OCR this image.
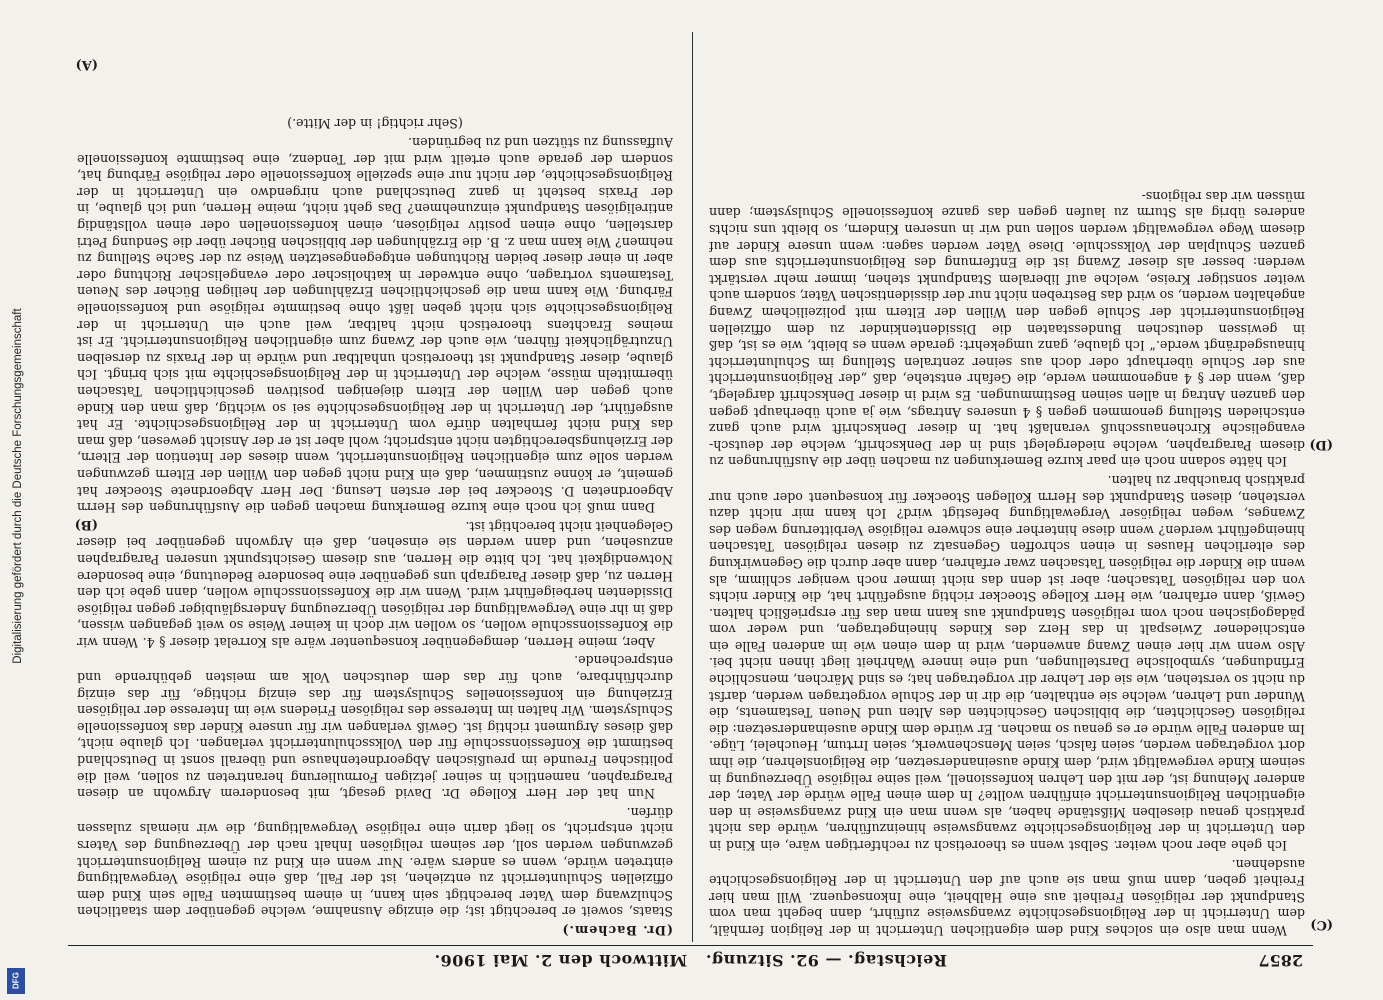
2857
Reichstag. — 92. Sitzung.   Mittwoch den 2. Mai 1906.
(C)
(D)
(A)
(B)

Wenn man also ein solches Kind dem eigentlichen Unterricht in der Religion fernhält, dem Unterricht in der Religionsgeschichte zwangsweise zuführt, dann begeht man vom Standpunkt der religiösen Freiheit aus eine Halbheit, eine Inkonsequenz. Will man hier Freiheit geben, dann muß man sie auch auf den Unterricht in der Religionsgeschichte ausdehnen.

Ich gehe aber noch weiter. Selbst wenn es theoretisch zu rechtfertigen wäre, ein Kind in den Unterricht in der Religionsgeschichte zwangsweise hineinzuführen, würde das nicht praktisch genau dieselben Mißstände haben, als wenn man ein Kind zwangsweise in den eigentlichen Religionsunterricht einführen wollte? In dem einen Falle würde der Vater, der anderer Meinung ist, der mit den Lehren konfessionell, weil seine religiöse Überzeugung in seinem Kinde vergewaltigt wird, dem Kinde auseinandersetzen, die Religionslehren, die ihm dort vorgetragen werden, seien falsch, seien Menschenwerk, seien Irrtum, Heuchelei, Lüge. Im anderen Falle würde er es genau so machen. Er würde dem Kinde auseinandersetzen: die religiösen Geschichten, die biblischen Geschichten des Alten und Neuen Testaments, die Wunder und Lehren, welche sie enthalten, die dir in der Schule vorgetragen werden, darfst du nicht so verstehen, wie sie der Lehrer dir vorgetragen hat; es sind Märchen, menschliche Erfindungen, symbolische Darstellungen, und eine innere Wahrheit liegt ihnen nicht bei. Also wenn wir hier einen Zwang anwenden, wird in dem einen wie im anderen Falle ein entschiedener Zwiespalt in das Herz des Kindes hineingetragen, und weder vom pädagogischen noch vom religiösen Standpunkt aus kann man das für ersprießlich halten. Gewiß, dann erfahren, wie Herr Kollege Stoecker richtig ausgeführt hat, die Kinder nichts von den religiösen Tatsachen; aber ist denn das nicht immer noch weniger schlimm, als wenn die Kinder die religiösen Tatsachen zwar erfahren, dann aber durch die Gegenwirkung des elterlichen Hauses in einen schroffen Gegensatz zu diesen religiösen Tatsachen hineingeführt werden? wenn diese hinterher eine schwere religiöse Verbitterung wegen des Zwanges, wegen religiöser Vergewaltigung befestigt wird? Ich kann mir nicht dazu verstehen, diesen Standpunkt des Herrn Kollegen Stoecker für konsequent oder auch nur praktisch brauchbar zu halten.

Ich hätte sodann noch ein paar kurze Bemerkungen zu machen über die Ausführungen zu diesem Paragraphen, welche niedergelegt sind in der Denkschrift, welche der deutsch-evangelische Kirchenausschuß veranlaßt hat. In dieser Denkschrift wird auch ganz entschieden Stellung genommen gegen § 4 unseres Antrags, wie ja auch überhaupt gegen den ganzen Antrag in allen seinen Bestimmungen. Es wird in dieser Denkschrift dargelegt, daß, wenn der § 4 angenommen werde, die Gefahr entstehe, daß „der Religionsunterricht aus der Schule überhaupt oder doch aus seiner zentralen Stellung im Schulunterricht hinausgedrängt werde.“ Ich glaube, ganz umgekehrt: gerade wenn es bleibt, wie es ist, daß in gewissen deutschen Bundesstaaten die Dissidentenkinder zu dem offiziellen Religionsunterricht der Schule gegen den Willen der Eltern mit polizeilichem Zwang angehalten werden, so wird das Bestreben nicht nur der dissidentischen Väter, sondern auch weiter sonstiger Kreise, welche auf liberalem Standpunkt stehen, immer mehr verstärkt werden: besser als dieser Zwang ist die Entfernung des Religionsunterrichts aus dem ganzen Schulplan der Volksschule. Diese Väter werden sagen: wenn unsere Kinder auf diesem Wege vergewaltigt werden sollen und wir in unseren Kindern, so bleibt uns nichts anderes übrig als Sturm zu laufen gegen das ganze konfessionelle Schulsystem; dann müssen wir das religions-

(Dr. Bachem.)

Staats, soweit er berechtigt ist; die einzige Ausnahme, welche gegenüber dem staatlichen Schulzwang dem Vater berechtigt sein kann, in einem bestimmten Falle sein Kind dem offiziellen Schulunterricht zu entziehen, ist der Fall, daß eine religiöse Vergewaltigung eintreten würde, wenn es anders wäre. Nur wenn ein Kind zu einem Religionsunterricht gezwungen werden soll, der seinem religiösen Inhalt nach der Überzeugung des Vaters nicht entspricht, so liegt darin eine religiöse Vergewaltigung, die wir niemals zulassen dürfen.

Nun hat der Herr Kollege Dr. David gesagt, mit besonderem Argwohn an diesen Paragraphen, namentlich in seiner jetzigen Formulierung herantreten zu sollen, weil die politischen Freunde im preußischen Abgeordnetenhause und überall sonst in Deutschland bestimmt die Konfessionsschule für den Volksschulunterricht verlangen. Ich glaube nicht, daß dieses Argument richtig ist. Gewiß verlangen wir für unsere Kinder das konfessionelle Schulsystem. Wir halten im Interesse des religiösen Friedens wie im Interesse der religiösen Erziehung ein konfessionelles Schulsystem für das einzig richtige, für das einzig durchführbare, auch für das dem deutschen Volk am meisten gebührende und entsprechende.

Aber, meine Herren, demgegenüber konsequenter wäre als Korrelat dieser § 4. Wenn wir die Konfessionsschule wollen, so wollen wir doch in keiner Weise so weit gegangen wissen, daß in ihr eine Vergewaltigung der religiösen Überzeugung Andersgläubiger gegen religiöse Dissidenten herbeigeführt wird. Wenn wir die Konfessionsschule wollen, dann gebe ich den Herren zu, daß dieser Paragraph uns gegenüber eine besondere Bedeutung, eine besondere Notwendigkeit hat. Ich bitte die Herren, aus diesem Gesichtspunkt unseren Paragraphen anzusehen, und dann werden sie einsehen, daß ein Argwohn gegenüber bei dieser Gelegenheit nicht berechtigt ist.

Dann muß ich noch eine kurze Bemerkung machen gegen die Ausführungen des Herrn Abgeordneten D. Stoecker bei der ersten Lesung. Der Herr Abgeordnete Stoecker hat gemeint, er könne zustimmen, daß ein Kind nicht gegen den Willen der Eltern gezwungen werden solle zum eigentlichen Religionsunterricht, wenn dieses der Intention der Eltern, der Erziehungsberechtigten nicht entspricht; wohl aber ist er der Ansicht gewesen, daß man das Kind nicht fernhalten dürfe vom Unterricht in der Religionsgeschichte. Er hat ausgeführt, der Unterricht in der Religionsgeschichte sei so wichtig, daß man den Kinde auch gegen den Willen der Eltern diejenigen positiven geschichtlichen Tatsachen übermitteln müsse, welche der Unterricht in der Religionsgeschichte mit sich bringt. Ich glaube, dieser Standpunkt ist theoretisch unhaltbar und würde in der Praxis zu derselben Unzuträglichkeit führen, wie auch der Zwang zum eigentlichen Religionsunterricht. Er ist meines Erachtens theoretisch nicht haltbar, weil auch ein Unterricht in der Religionsgeschichte sich nicht geben läßt ohne bestimmte religiöse und konfessionelle Färbung. Wie kann man die geschichtlichen Erzählungen der heiligen Bücher des Neuen Testaments vortragen, ohne entweder in katholischer oder evangelischer Richtung oder aber in einer dieser beiden Richtungen entgegengesetzten Weise zu der Sache Stellung zu nehmen? Wie kann man z. B. die Erzählungen der biblischen Bücher über die Sendung Petri darstellen, ohne einen positiv religiösen, einen konfessionellen oder einen vollständig antireligiösen Standpunkt einzunehmen? Das geht nicht, meine Herren, und ich glaube, in der Praxis besteht in ganz Deutschland auch nirgendwo ein Unterricht in der Religionsgeschichte, der nicht nur eine spezielle konfessionelle oder religiöse Färbung hat, sondern der gerade auch erteilt wird mit der Tendenz, eine bestimmte konfessionelle Auffassung zu stützen und zu begründen.

(Sehr richtig! in der Mitte.)

Digitalisierung gefördert durch die Deutsche Forschungsgemeinschaft
DFG
